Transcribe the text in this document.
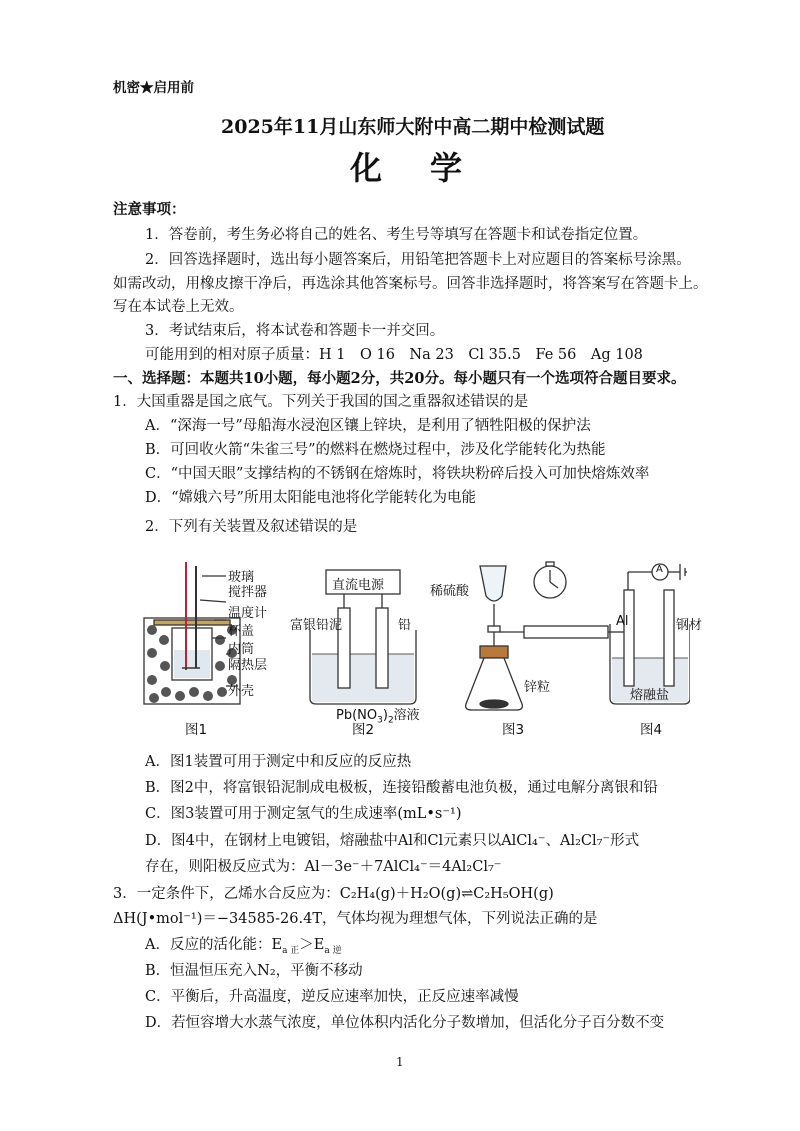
机密★启用前
2025年11月山东师大附中高二期中检测试题
化 学
注意事项：
1．答卷前，考生务必将自己的姓名、考生号等填写在答题卡和试卷指定位置。
2．回答选择题时，选出每小题答案后，用铅笔把答题卡上对应题目的答案标号涂黑。
如需改动，用橡皮擦干净后，再选涂其他答案标号。回答非选择题时，将答案写在答题卡上。
写在本试卷上无效。
3．考试结束后，将本试卷和答题卡一并交回。
可能用到的相对原子质量：H 1　O 16　Na 23　Cl 35.5　Fe 56　Ag 108
一、选择题：本题共10小题，每小题2分，共20分。每小题只有一个选项符合题目要求。
1．大国重器是国之底气。下列关于我国的国之重器叙述错误的是
A．“深海一号”母船海水浸泡区镶上锌块，是利用了牺牲阳极的保护法
B．可回收火箭“朱雀三号”的燃料在燃烧过程中，涉及化学能转化为热能
C．“中国天眼”支撑结构的不锈钢在熔炼时，将铁块粉碎后投入可加快熔炼效率
D．“嫦娥六号”所用太阳能电池将化学能转化为电能
2．下列有关装置及叙述错误的是
玻璃
搅拌器
温度计
杯盖
内筒
隔热层
外壳
图1
直流电源
富银铅泥	铅
$Pb(NO_3)_2$溶液
图2
稀硫酸
锌粒
图3
A
Al	钢材
熔融盐
图4
A．图1装置可用于测定中和反应的反应热
B．图2中，将富银铅泥制成电极板，连接铅酸蓄电池负极，通过电解分离银和铅
C．图3装置可用于测定氢气的生成速率(mL•s⁻¹)
D．图4中，在钢材上电镀铝，熔融盐中Al和Cl元素只以AlCl₄⁻、Al₂Cl₇⁻形式
存在，则阳极反应式为：Al－3e⁻＋7AlCl₄⁻＝4Al₂Cl₇⁻
3．一定条件下，乙烯水合反应为：C₂H₄(g)＋H₂O(g)⇌C₂H₅OH(g)
ΔH(J•mol⁻¹)＝−34585-26.4T，气体均视为理想气体，下列说法正确的是
A．反应的活化能：$E_{a 正}>E_{a 逆}$
B．恒温恒压充入N₂，平衡不移动
C．平衡后，升高温度，逆反应速率加快，正反应速率减慢
D．若恒容增大水蒸气浓度，单位体积内活化分子数增加，但活化分子百分数不变
1
